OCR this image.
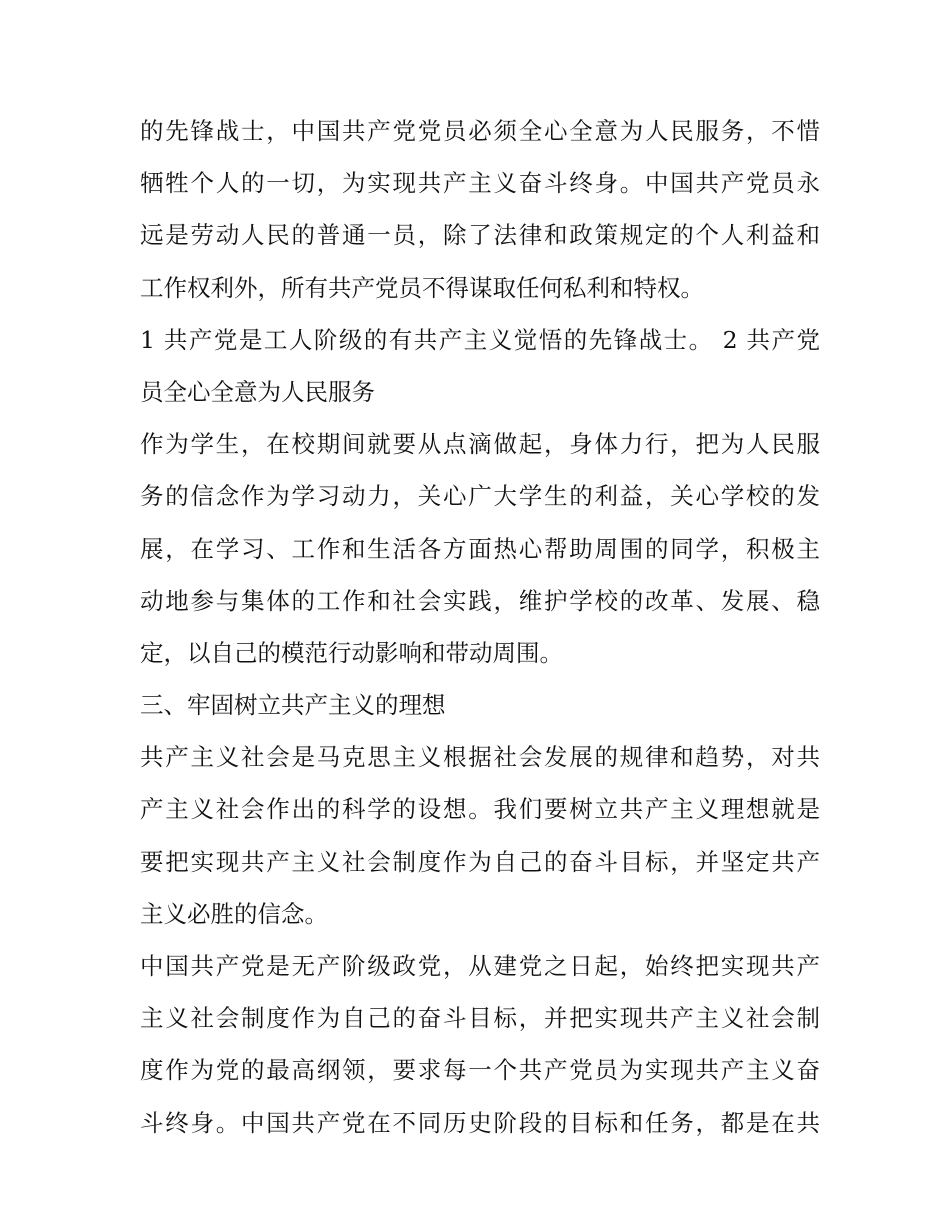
的先锋战士，中国共产党党员必须全心全意为人民服务，不惜
牺牲个人的一切，为实现共产主义奋斗终身。中国共产党员永
远是劳动人民的普通一员，除了法律和政策规定的个人利益和
工作权利外，所有共产党员不得谋取任何私利和特权。
1 共产党是工人阶级的有共产主义觉悟的先锋战士。 2 共产党
员全心全意为人民服务
作为学生，在校期间就要从点滴做起，身体力行，把为人民服
务的信念作为学习动力，关心广大学生的利益，关心学校的发
展，在学习、工作和生活各方面热心帮助周围的同学，积极主
动地参与集体的工作和社会实践，维护学校的改革、发展、稳
定，以自己的模范行动影响和带动周围。
三、牢固树立共产主义的理想
共产主义社会是马克思主义根据社会发展的规律和趋势，对共
产主义社会作出的科学的设想。我们要树立共产主义理想就是
要把实现共产主义社会制度作为自己的奋斗目标，并坚定共产
主义必胜的信念。
中国共产党是无产阶级政党，从建党之日起，始终把实现共产
主义社会制度作为自己的奋斗目标，并把实现共产主义社会制
度作为党的最高纲领，要求每一个共产党员为实现共产主义奋
斗终身。中国共产党在不同历史阶段的目标和任务，都是在共
